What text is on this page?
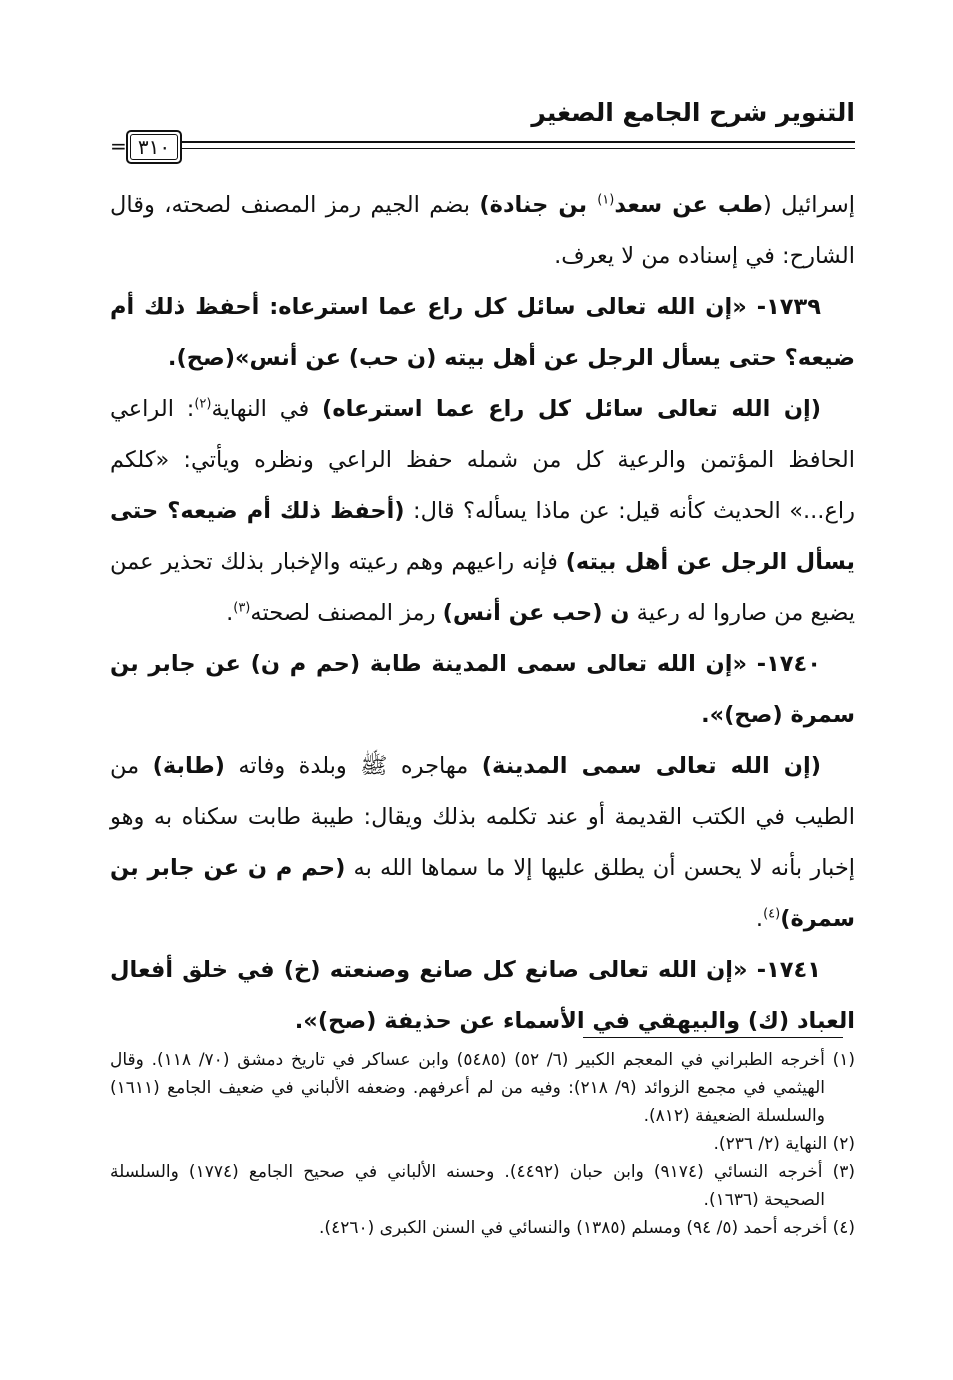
التنوير شرح الجامع الصغير
٣١٠
=

إسرائيل (طب عن سعد$^{(١)}$ بن جنادة) بضم الجيم رمز المصنف لصحته، وقال الشارح: في إسناده من لا يعرف.

١٧٣٩- «إن الله تعالى سائل كل راع عما استرعاه: أحفظ ذلك أم ضيعه؟ حتى يسأل الرجل عن أهل بيته (ن حب) عن أنس»(صح).

(إن الله تعالى سائل كل راع عما استرعاه) في النهاية$^{(٢)}$: الراعي الحافظ المؤتمن والرعية كل من شمله حفظ الراعي ونظره ويأتي: «كلكم راع...» الحديث كأنه قيل: عن ماذا يسأله؟ قال: (أحفظ ذلك أم ضيعه؟ حتى يسأل الرجل عن أهل بيته) فإنه راعيهم وهم رعيته والإخبار بذلك تحذير عمن يضيع من صاروا له رعية ن (حب عن أنس) رمز المصنف لصحته$^{(٣)}$.

١٧٤٠- «إن الله تعالى سمى المدينة طابة (حم م ن) عن جابر بن سمرة (صح)».

(إن الله تعالى سمى المدينة) مهاجره ﷺ وبلدة وفاته (طابة) من الطيب في الكتب القديمة أو عند تكلمه بذلك ويقال: طيبة طابت سكناه به وهو إخبار بأنه لا يحسن أن يطلق عليها إلا ما سماها الله به (حم م ن عن جابر بن سمرة)$^{(٤)}$.

١٧٤١- «إن الله تعالى صانع كل صانع وصنعته (خ) في خلق أفعال العباد (ك) والبيهقي في الأسماء عن حذيفة (صح)».

(١) أخرجه الطبراني في المعجم الكبير (٦/ ٥٢) (٥٤٨٥) وابن عساكر في تاريخ دمشق (٧٠/ ١١٨). وقال الهيثمي في مجمع الزوائد (٩/ ٢١٨): وفيه من لم أعرفهم. وضعفه الألباني في ضعيف الجامع (١٦١١) والسلسلة الضعيفة (٨١٢).

(٢) النهاية (٢/ ٢٣٦).

(٣) أخرجه النسائي (٩١٧٤) وابن حبان (٤٤٩٢). وحسنه الألباني في صحيح الجامع (١٧٧٤) والسلسلة الصحيحة (١٦٣٦).

(٤) أخرجه أحمد (٥/ ٩٤) ومسلم (١٣٨٥) والنسائي في السنن الكبرى (٤٢٦٠).
